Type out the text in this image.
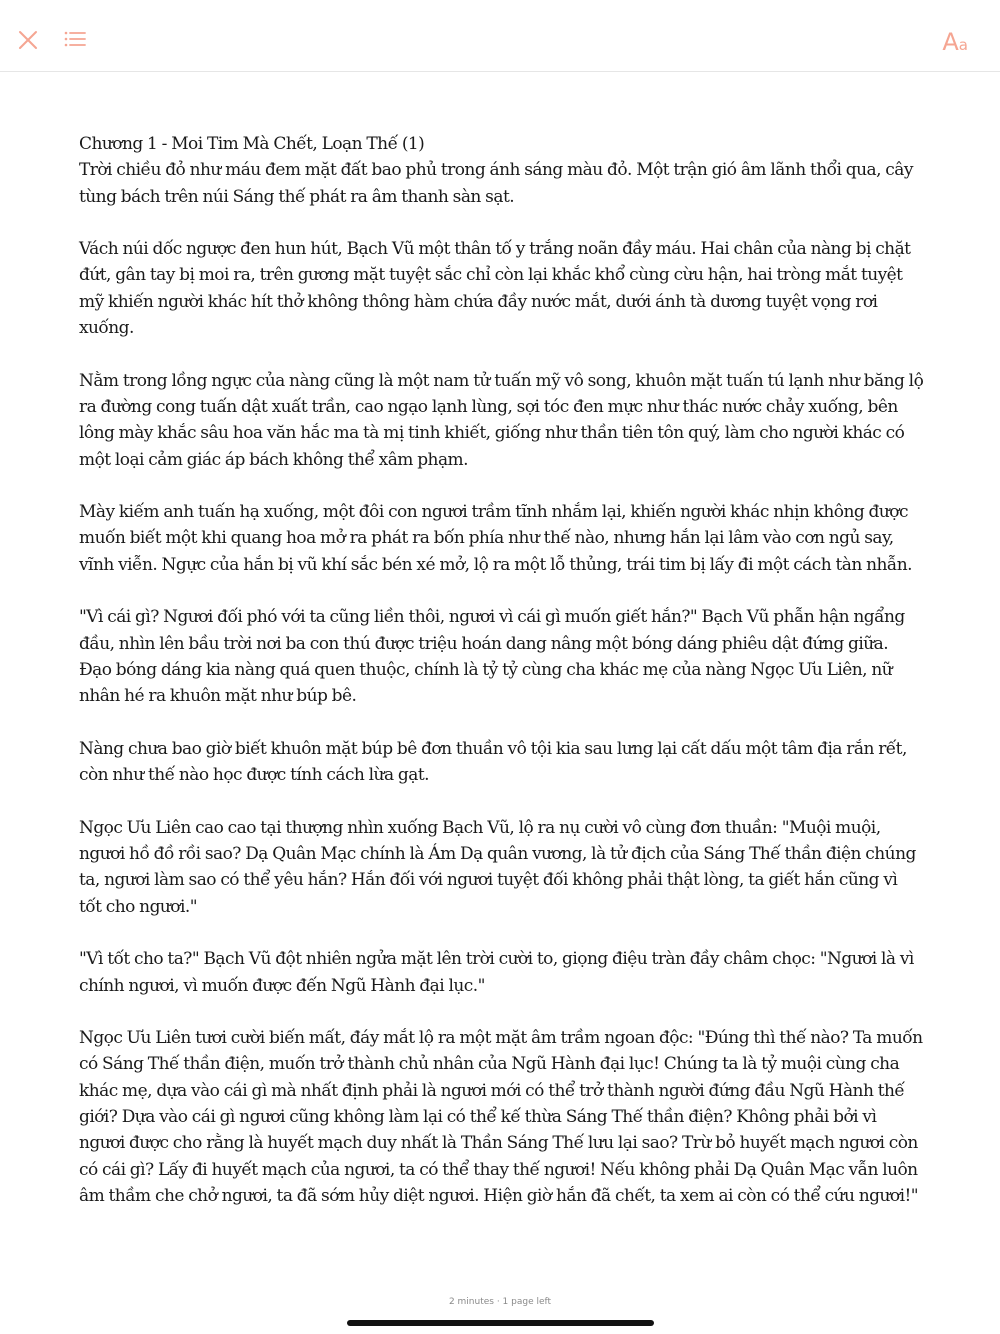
Aa
Chương 1 - Moi Tim Mà Chết, Loạn Thế (1)

Trời chiều đỏ như máu đem mặt đất bao phủ trong ánh sáng màu đỏ. Một trận gió âm lãnh thổi qua, cây tùng bách trên núi Sáng thế phát ra âm thanh sàn sạt.

Vách núi dốc ngược đen hun hút, Bạch Vũ một thân tố y trắng noãn đầy máu. Hai chân của nàng bị chặt đứt, gân tay bị moi ra, trên gương mặt tuyệt sắc chỉ còn lại khắc khổ cùng cừu hận, hai tròng mắt tuyệt mỹ khiến người khác hít thở không thông hàm chứa đầy nước mắt, dưới ánh tà dương tuyệt vọng rơi xuống.

Nằm trong lồng ngực của nàng cũng là một nam tử tuấn mỹ vô song, khuôn mặt tuấn tú lạnh như băng lộ ra đường cong tuấn dật xuất trần, cao ngạo lạnh lùng, sợi tóc đen mực như thác nước chảy xuống, bên lông mày khắc sâu hoa văn hắc ma tà mị tinh khiết, giống như thần tiên tôn quý, làm cho người khác có một loại cảm giác áp bách không thể xâm phạm.

Mày kiếm anh tuấn hạ xuống, một đôi con ngươi trầm tĩnh nhắm lại, khiến người khác nhịn không được muốn biết một khi quang hoa mở ra phát ra bốn phía như thế nào, nhưng hắn lại lâm vào cơn ngủ say, vĩnh viễn. Ngực của hắn bị vũ khí sắc bén xé mở, lộ ra một lỗ thủng, trái tim bị lấy đi một cách tàn nhẫn.

"Vì cái gì? Ngươi đối phó với ta cũng liền thôi, ngươi vì cái gì muốn giết hắn?" Bạch Vũ phẫn hận ngẩng đầu, nhìn lên bầu trời nơi ba con thú được triệu hoán dang nâng một bóng dáng phiêu dật đứng giữa. Đạo bóng dáng kia nàng quá quen thuộc, chính là tỷ tỷ cùng cha khác mẹ của nàng Ngọc Ưu Liên, nữ nhân hé ra khuôn mặt như búp bê.

Nàng chưa bao giờ biết khuôn mặt búp bê đơn thuần vô tội kia sau lưng lại cất dấu một tâm địa rắn rết, còn như thế nào học được tính cách lừa gạt.

Ngọc Ưu Liên cao cao tại thượng nhìn xuống Bạch Vũ, lộ ra nụ cười vô cùng đơn thuần: "Muội muội, ngươi hồ đồ rồi sao? Dạ Quân Mạc chính là Ám Dạ quân vương, là tử địch của Sáng Thế thần điện chúng ta, ngươi làm sao có thể yêu hắn? Hắn đối với ngươi tuyệt đối không phải thật lòng, ta giết hắn cũng vì tốt cho ngươi."

"Vì tốt cho ta?" Bạch Vũ đột nhiên ngửa mặt lên trời cười to, giọng điệu tràn đầy châm chọc: "Ngươi là vì chính ngươi, vì muốn được đến Ngũ Hành đại lục."

Ngọc Ưu Liên tươi cười biến mất, đáy mắt lộ ra một mặt âm trầm ngoan độc: "Đúng thì thế nào? Ta muốn có Sáng Thế thần điện, muốn trở thành chủ nhân của Ngũ Hành đại lục! Chúng ta là tỷ muội cùng cha khác mẹ, dựa vào cái gì mà nhất định phải là ngươi mới có thể trở thành người đứng đầu Ngũ Hành thế giới? Dựa vào cái gì ngươi cũng không làm lại có thể kế thừa Sáng Thế thần điện? Không phải bởi vì ngươi được cho rằng là huyết mạch duy nhất là Thần Sáng Thế lưu lại sao? Trừ bỏ huyết mạch ngươi còn có cái gì? Lấy đi huyết mạch của ngươi, ta có thể thay thế ngươi! Nếu không phải Dạ Quân Mạc vẫn luôn âm thầm che chở ngươi, ta đã sớm hủy diệt ngươi. Hiện giờ hắn đã chết, ta xem ai còn có thể cứu ngươi!"

2 minutes · 1 page left
